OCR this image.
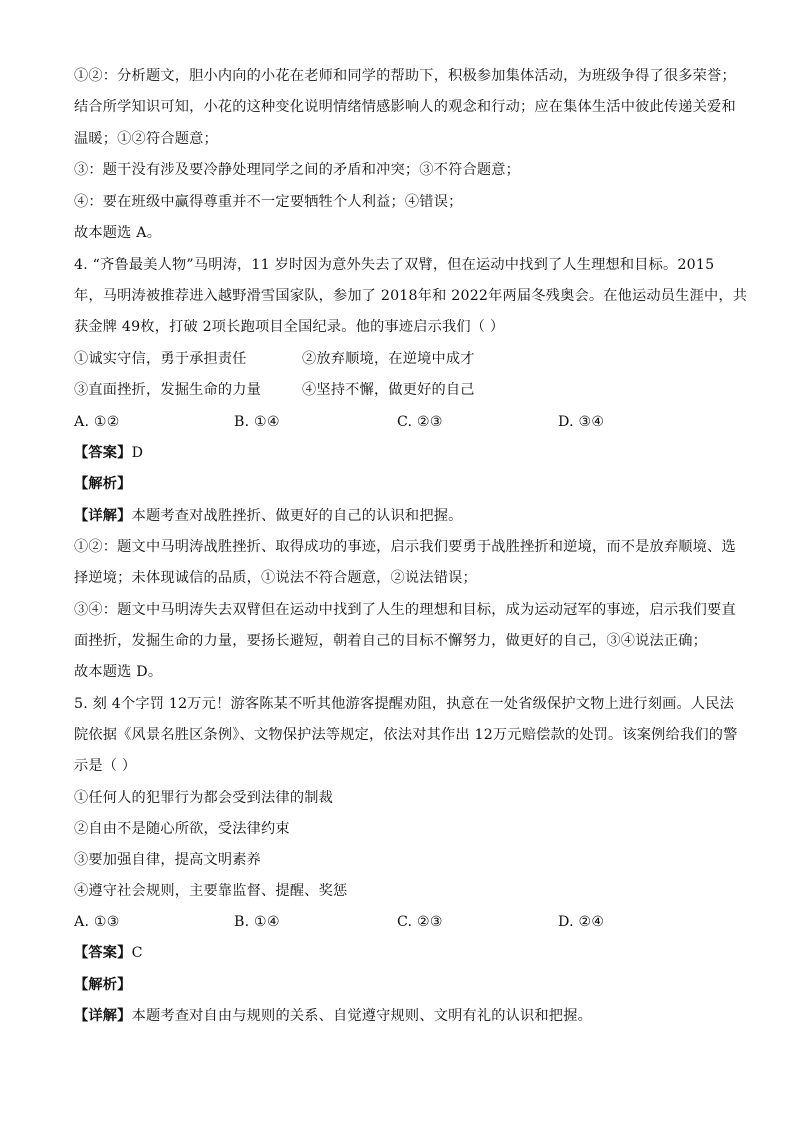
①②：分析题文，胆小内向的小花在老师和同学的帮助下，积极参加集体活动，为班级争得了很多荣誉；
结合所学知识可知，小花的这种变化说明情绪情感影响人的观念和行动；应在集体生活中彼此传递关爱和
温暖；①②符合题意；
③：题干没有涉及要冷静处理同学之间的矛盾和冲突；③不符合题意；
④：要在班级中赢得尊重并不一定要牺牲个人利益；④错误；
故本题选 A。
4. “齐鲁最美人物”马明涛，11 岁时因为意外失去了双臂，但在运动中找到了人生理想和目标。2015
年，马明涛被推荐进入越野滑雪国家队，参加了 2018年和 2022年两届冬残奥会。在他运动员生涯中，共
获金牌 49枚，打破 2项长跑项目全国纪录。他的事迹启示我们（ ）
①诚实守信，勇于承担责任	②放弃顺境，在逆境中成才
③直面挫折，发掘生命的力量	④坚持不懈，做更好的自己
A. ①②	B. ①④	C. ②③	D. ③④
【答案】D
【解析】
【详解】本题考查对战胜挫折、做更好的自己的认识和把握。
①②：题文中马明涛战胜挫折、取得成功的事迹，启示我们要勇于战胜挫折和逆境，而不是放弃顺境、选
择逆境；未体现诚信的品质，①说法不符合题意，②说法错误；
③④：题文中马明涛失去双臂但在运动中找到了人生的理想和目标，成为运动冠军的事迹，启示我们要直
面挫折，发掘生命的力量，要扬长避短，朝着自己的目标不懈努力，做更好的自己，③④说法正确；
故本题选 D。
5. 刻 4个字罚 12万元！游客陈某不听其他游客提醒劝阻，执意在一处省级保护文物上进行刻画。人民法
院依据《风景名胜区条例》、文物保护法等规定，依法对其作出 12万元赔偿款的处罚。该案例给我们的警
示是（ ）
①任何人的犯罪行为都会受到法律的制裁
②自由不是随心所欲，受法律约束
③要加强自律，提高文明素养
④遵守社会规则，主要靠监督、提醒、奖惩
A. ①③	B. ①④	C. ②③	D. ②④
【答案】C
【解析】
【详解】本题考查对自由与规则的关系、自觉遵守规则、文明有礼的认识和把握。
